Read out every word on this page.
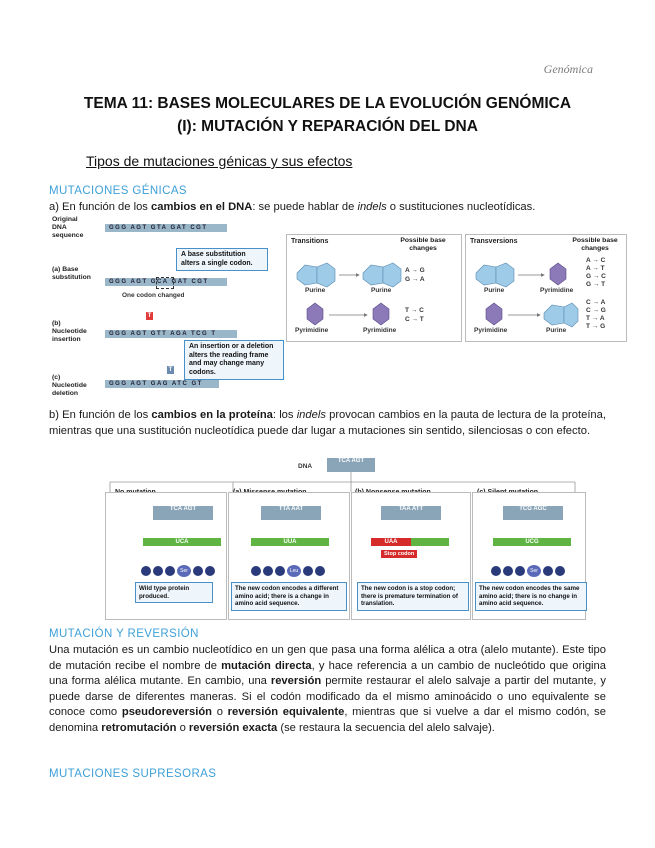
Genómica
TEMA 11: BASES MOLECULARES DE LA EVOLUCIÓN GENÓMICA
(I): MUTACIÓN Y REPARACIÓN DEL DNA
Tipos de mutaciones génicas y sus efectos
MUTACIONES GÉNICAS
a) En función de los cambios en el DNA: se puede hablar de indels o sustituciones nucleotídicas.
Original DNA sequence
GGG AGT GTA GAT CGT
A base substitution alters a single codon.
(a) Base substitution
GGG AGT GCA GAT CGT
One codon changed
T
(b) Nucleotide insertion
GGG AGT GTT AGA TCG T
An insertion or a deletion alters the reading frame and may change many codons.
T
(c) Nucleotide deletion
GGG AGT GAG ATC GT
Transitions	Possible base changes
Purine	Purine
Pyrimidine	Pyrimidine
A → G
G → A
T → C
C → T
Transversions	Possible base changes
Purine	Pyrimidine
Pyrimidine	Purine
A → C
A → T
G → C
G → T
C → A
C → G
T → A
T → G
b) En función de los cambios en la proteína: los indels provocan cambios en la pauta de lectura de la proteína, mientras que una sustitución nucleotídica puede dar lugar a mutaciones sin sentido, silenciosas o con efecto.
DNA
TCA AGT
TCA AGT
UCA
Ser
Wild type protein produced.
TTA AAT
UUA
Leu
The new codon encodes a different amino acid; there is a change in amino acid sequence.
TAA ATT
UAA
Stop codon
The new codon is a stop codon; there is premature termination of translation.
TCG AGC
UCG
Ser
The new codon encodes the same amino acid; there is no change in amino acid sequence.
MUTACIÓN Y REVERSIÓN
Una mutación es un cambio nucleotídico en un gen que pasa una forma alélica a otra (alelo mutante). Este tipo de mutación recibe el nombre de mutación directa, y hace referencia a un cambio de nucleótido que origina una forma alélica mutante. En cambio, una reversión permite restaurar el alelo salvaje a partir del mutante, y puede darse de diferentes maneras. Si el codón modificado da el mismo aminoácido o uno equivalente se conoce como pseudoreversión o reversión equivalente, mientras que si vuelve a dar el mismo codón, se denomina retromutación o reversión exacta (se restaura la secuencia del alelo salvaje).
MUTACIONES SUPRESORAS
